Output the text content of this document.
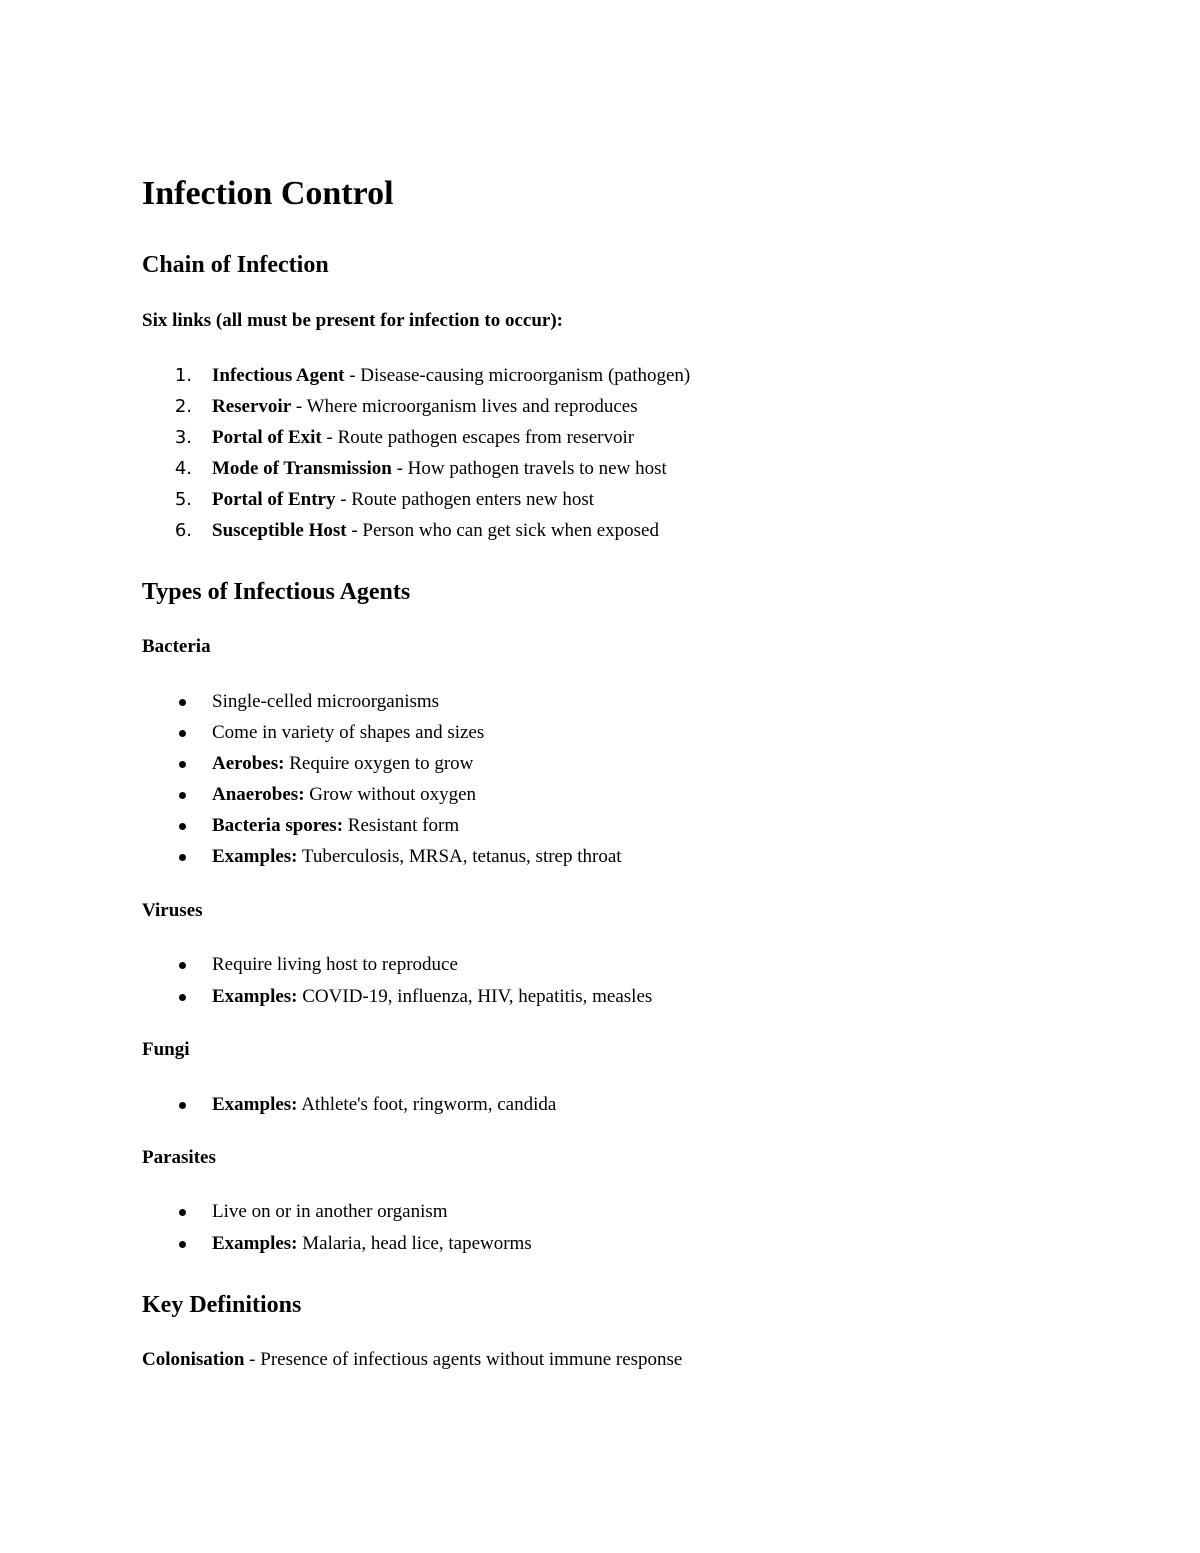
Infection Control
Chain of Infection
Six links (all must be present for infection to occur):
1. Infectious Agent - Disease-causing microorganism (pathogen)
2. Reservoir - Where microorganism lives and reproduces
3. Portal of Exit - Route pathogen escapes from reservoir
4. Mode of Transmission - How pathogen travels to new host
5. Portal of Entry - Route pathogen enters new host
6. Susceptible Host - Person who can get sick when exposed
Types of Infectious Agents
Bacteria
Single-celled microorganisms
Come in variety of shapes and sizes
Aerobes: Require oxygen to grow
Anaerobes: Grow without oxygen
Bacteria spores: Resistant form
Examples: Tuberculosis, MRSA, tetanus, strep throat
Viruses
Require living host to reproduce
Examples: COVID-19, influenza, HIV, hepatitis, measles
Fungi
Examples: Athlete's foot, ringworm, candida
Parasites
Live on or in another organism
Examples: Malaria, head lice, tapeworms
Key Definitions
Colonisation - Presence of infectious agents without immune response
